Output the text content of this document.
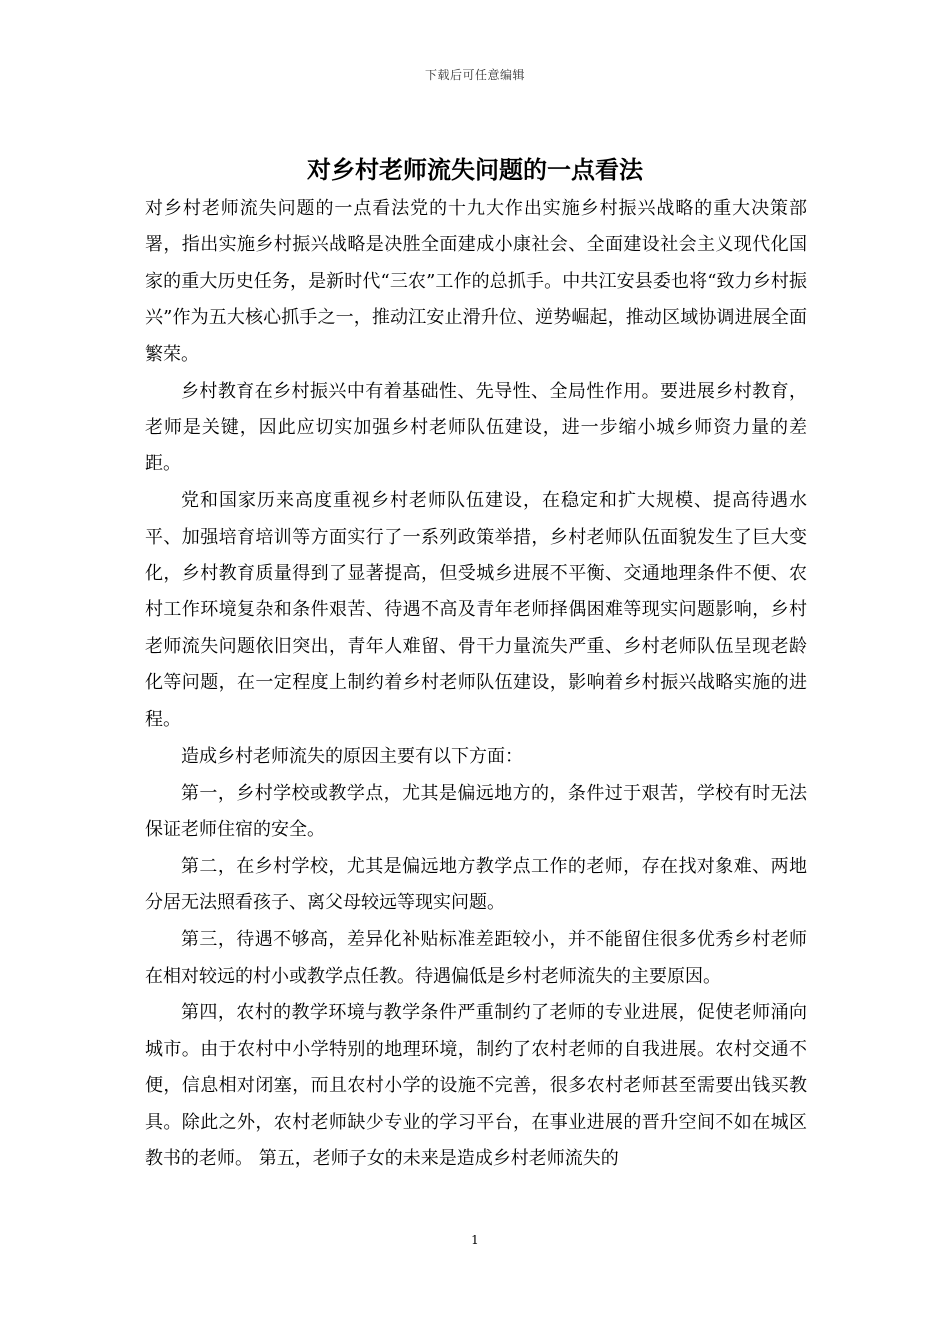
下载后可任意编辑
对乡村老师流失问题的一点看法

对乡村老师流失问题的一点看法党的十九大作出实施乡村振兴战略的重大决策部署，指出实施乡村振兴战略是决胜全面建成小康社会、全面建设社会主义现代化国家的重大历史任务，是新时代“三农”工作的总抓手。中共江安县委也将“致力乡村振兴”作为五大核心抓手之一，推动江安止滑升位、逆势崛起，推动区域协调进展全面繁荣。

乡村教育在乡村振兴中有着基础性、先导性、全局性作用。要进展乡村教育，老师是关键，因此应切实加强乡村老师队伍建设，进一步缩小城乡师资力量的差距。

党和国家历来高度重视乡村老师队伍建设，在稳定和扩大规模、提高待遇水平、加强培育培训等方面实行了一系列政策举措，乡村老师队伍面貌发生了巨大变化，乡村教育质量得到了显著提高，但受城乡进展不平衡、交通地理条件不便、农村工作环境复杂和条件艰苦、待遇不高及青年老师择偶困难等现实问题影响，乡村老师流失问题依旧突出，青年人难留、骨干力量流失严重、乡村老师队伍呈现老龄化等问题，在一定程度上制约着乡村老师队伍建设，影响着乡村振兴战略实施的进程。

造成乡村老师流失的原因主要有以下方面：

第一，乡村学校或教学点，尤其是偏远地方的，条件过于艰苦，学校有时无法保证老师住宿的安全。

第二，在乡村学校，尤其是偏远地方教学点工作的老师，存在找对象难、两地分居无法照看孩子、离父母较远等现实问题。

第三，待遇不够高，差异化补贴标准差距较小，并不能留住很多优秀乡村老师在相对较远的村小或教学点任教。待遇偏低是乡村老师流失的主要原因。

第四，农村的教学环境与教学条件严重制约了老师的专业进展，促使老师涌向城市。由于农村中小学特别的地理环境，制约了农村老师的自我进展。农村交通不便，信息相对闭塞，而且农村小学的设施不完善，很多农村老师甚至需要出钱买教具。除此之外，农村老师缺少专业的学习平台，在事业进展的晋升空间不如在城区教书的老师。 第五，老师子女的未来是造成乡村老师流失的

1
